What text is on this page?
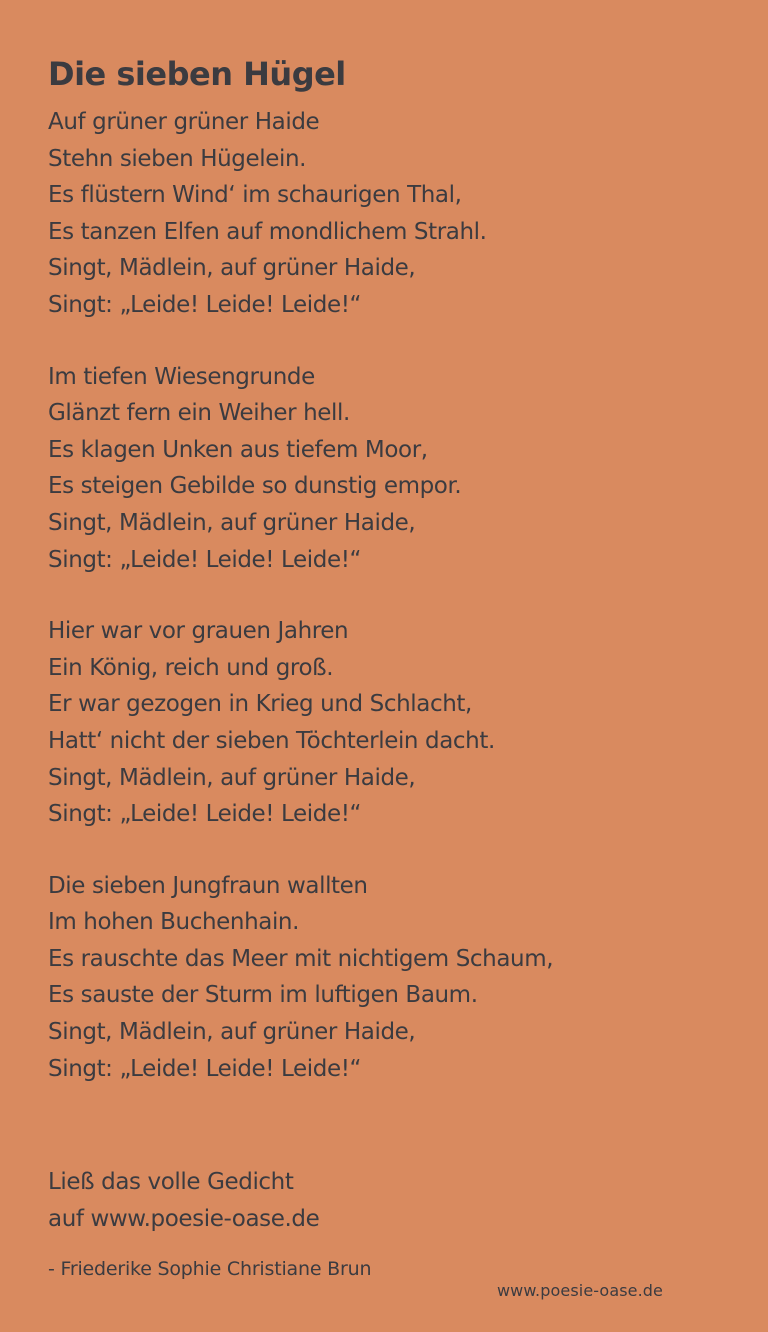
Die sieben Hügel
Auf grüner grüner Haide
Stehn sieben Hügelein.
Es flüstern Wind‘ im schaurigen Thal,
Es tanzen Elfen auf mondlichem Strahl.
Singt, Mädlein, auf grüner Haide,
Singt: „Leide! Leide! Leide!“
Im tiefen Wiesengrunde
Glänzt fern ein Weiher hell.
Es klagen Unken aus tiefem Moor,
Es steigen Gebilde so dunstig empor.
Singt, Mädlein, auf grüner Haide,
Singt: „Leide! Leide! Leide!“
Hier war vor grauen Jahren
Ein König, reich und groß.
Er war gezogen in Krieg und Schlacht,
Hatt‘ nicht der sieben Töchterlein dacht.
Singt, Mädlein, auf grüner Haide,
Singt: „Leide! Leide! Leide!“
Die sieben Jungfraun wallten
Im hohen Buchenhain.
Es rauschte das Meer mit nichtigem Schaum,
Es sauste der Sturm im luftigen Baum.
Singt, Mädlein, auf grüner Haide,
Singt: „Leide! Leide! Leide!“
Ließ das volle Gedicht
auf www.poesie-oase.de
- Friederike Sophie Christiane Brun
www.poesie-oase.de
